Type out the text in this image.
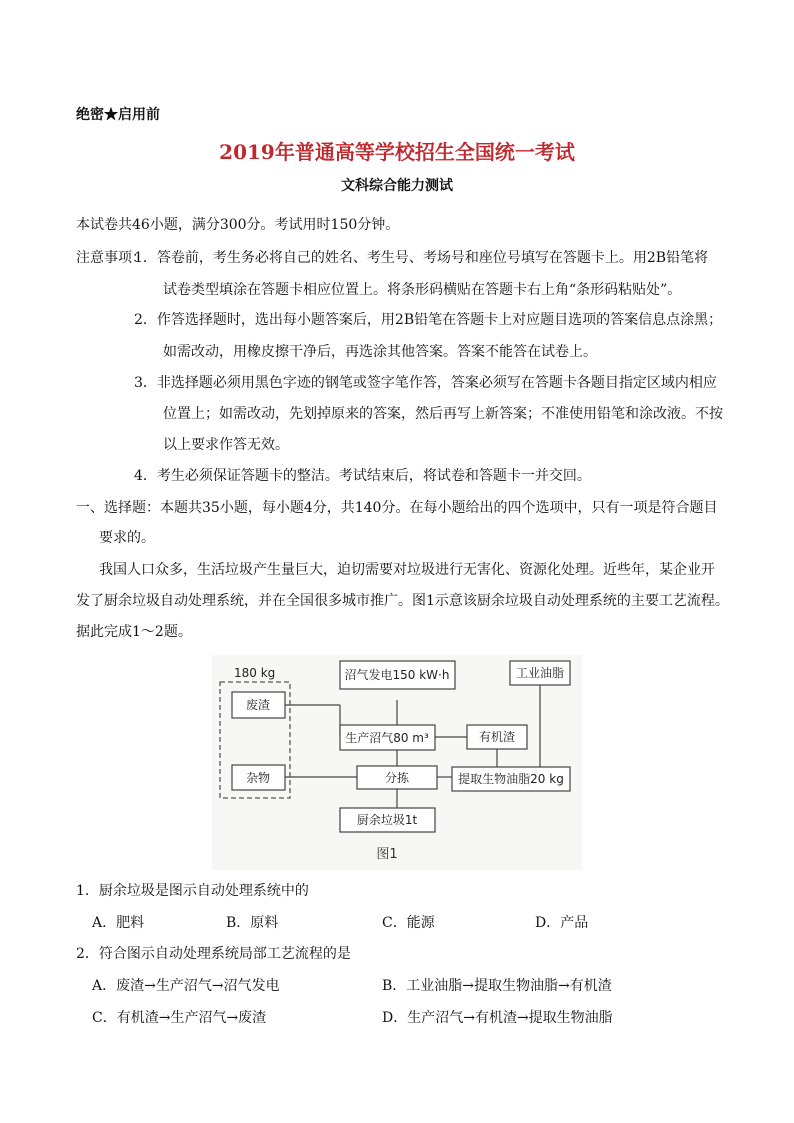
绝密★启用前
2019年普通高等学校招生全国统一考试
文科综合能力测试
本试卷共46小题，满分300分。考试用时150分钟。
注意事项：
1．答卷前，考生务必将自己的姓名、考生号、考场号和座位号填写在答题卡上。用2B铅笔将
试卷类型填涂在答题卡相应位置上。将条形码横贴在答题卡右上角“条形码粘贴处”。
2．作答选择题时，选出每小题答案后，用2B铅笔在答题卡上对应题目选项的答案信息点涂黑；
如需改动，用橡皮擦干净后，再选涂其他答案。答案不能答在试卷上。
3．非选择题必须用黑色字迹的钢笔或签字笔作答，答案必须写在答题卡各题目指定区域内相应
位置上；如需改动，先划掉原来的答案，然后再写上新答案；不准使用铅笔和涂改液。不按
以上要求作答无效。
4．考生必须保证答题卡的整洁。考试结束后，将试卷和答题卡一并交回。
一、选择题：本题共35小题，每小题4分，共140分。在每小题给出的四个选项中，只有一项是符合题目
要求的。
我国人口众多，生活垃圾产生量巨大，迫切需要对垃圾进行无害化、资源化处理。近些年，某企业开
发了厨余垃圾自动处理系统，并在全国很多城市推广。图1示意该厨余垃圾自动处理系统的主要工艺流程。
据此完成1～2题。
180 kg
废渣
杂物
沼气发电150 kW·h
生产沼气80 m³	有机渣
分拣
工业油脂
提取生物油脂20 kg
厨余垃圾1t
图1
1．厨余垃圾是图示自动处理系统中的
A．肥料	B．原料	C．能源	D．产品
2．符合图示自动处理系统局部工艺流程的是
A．废渣→生产沼气→沼气发电	B．工业油脂→提取生物油脂→有机渣
C．有机渣→生产沼气→废渣	D．生产沼气→有机渣→提取生物油脂
